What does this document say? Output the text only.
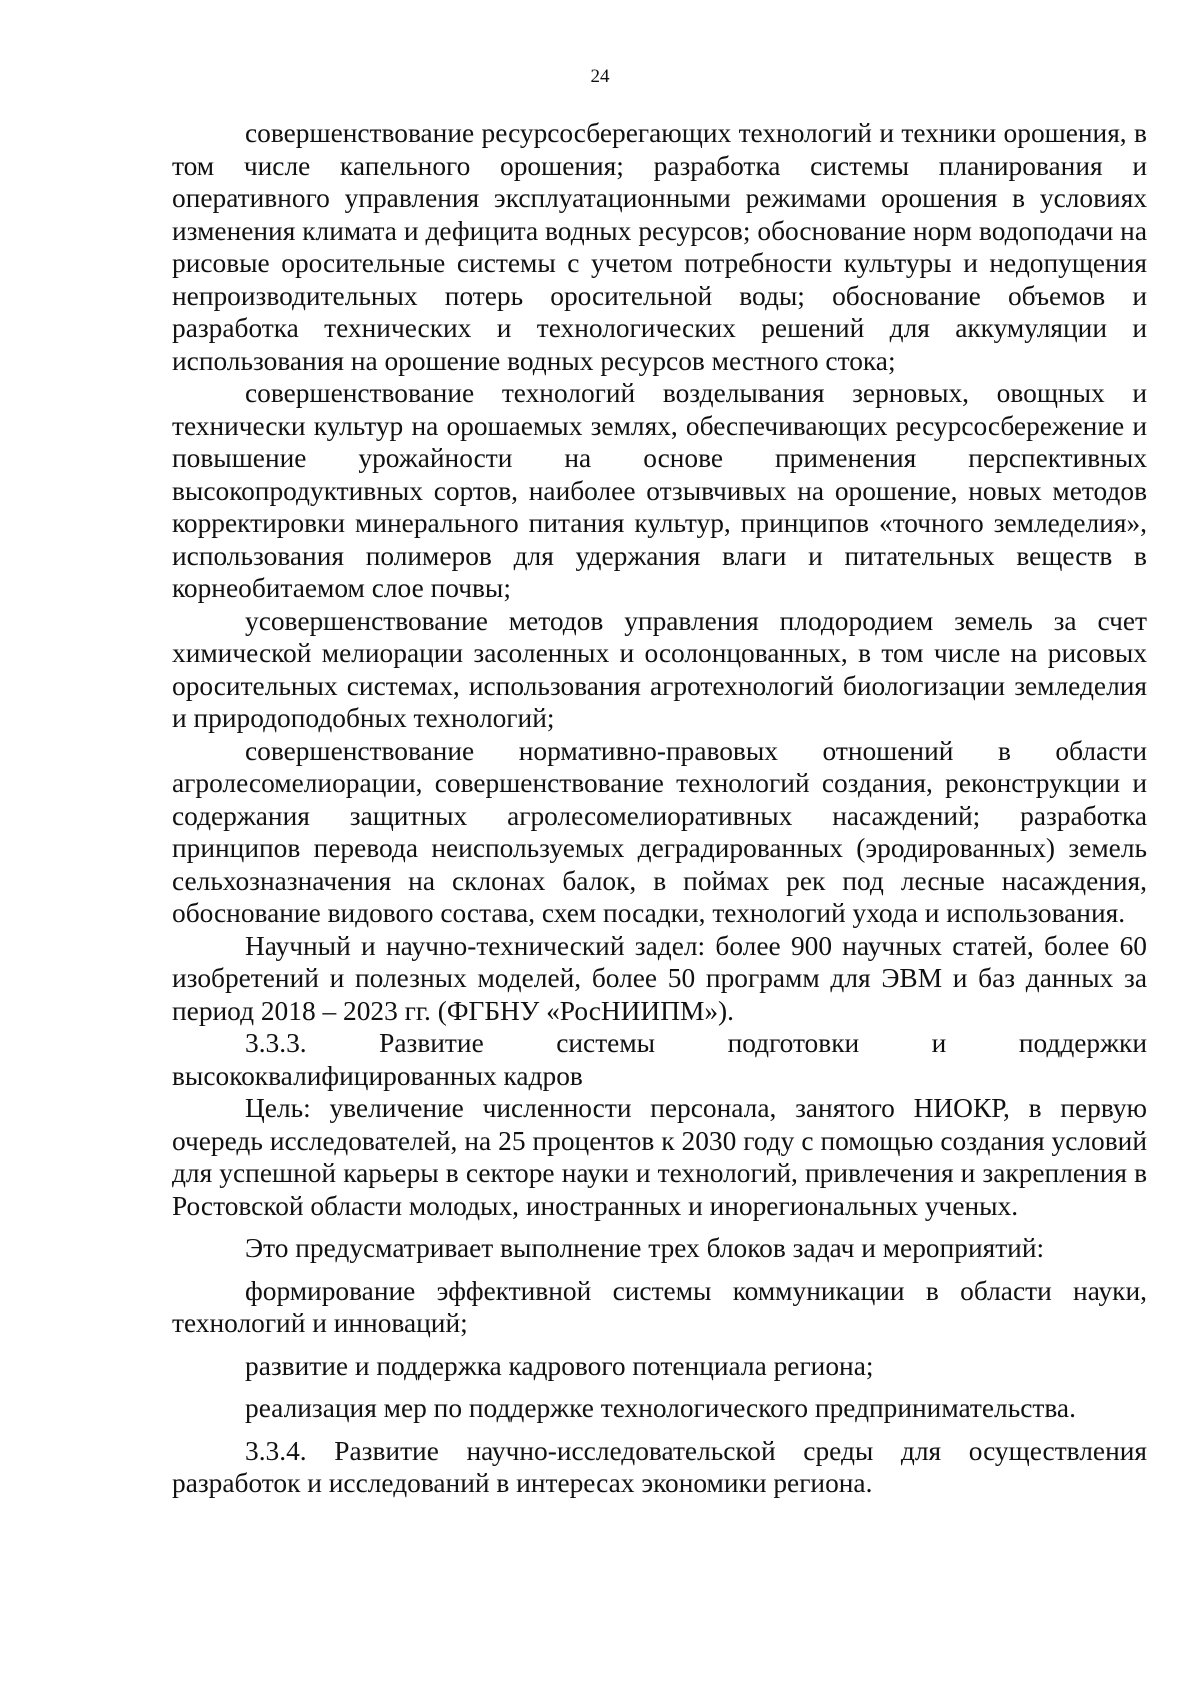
24

совершенствование ресурсосберегающих технологий и техники орошения, в том числе капельного орошения; разработка системы планирования и оперативного управления эксплуатационными режимами орошения в условиях изменения климата и дефицита водных ресурсов; обоснование норм водоподачи на рисовые оросительные системы с учетом потребности культуры и недопущения непроизводительных потерь оросительной воды; обоснование объемов и разработка технических и технологических решений для аккумуляции и использования на орошение водных ресурсов местного стока;

совершенствование технологий возделывания зерновых, овощных и технически культур на орошаемых землях, обеспечивающих ресурсосбережение и повышение урожайности на основе применения перспективных высокопродуктивных сортов, наиболее отзывчивых на орошение, новых методов корректировки минерального питания культур, принципов «точного земледелия», использования полимеров для удержания влаги и питательных веществ в корнеобитаемом слое почвы;

усовершенствование методов управления плодородием земель за счет химической мелиорации засоленных и осолонцованных, в том числе на рисовых оросительных системах, использования агротехнологий биологизации земледелия и природоподобных технологий;

совершенствование нормативно-правовых отношений в области агролесомелиорации, совершенствование технологий создания, реконструкции и содержания защитных агролесомелиоративных насаждений; разработка принципов перевода неиспользуемых деградированных (эродированных) земель сельхозназначения на склонах балок, в поймах рек под лесные насаждения, обоснование видового состава, схем посадки, технологий ухода и использования.

Научный и научно-технический задел: более 900 научных статей, более 60 изобретений и полезных моделей, более 50 программ для ЭВМ и баз данных за период 2018 – 2023 гг. (ФГБНУ «РосНИИПМ»).

3.3.3. Развитие системы подготовки и поддержки высококвалифицированных кадров

Цель: увеличение численности персонала, занятого НИОКР, в первую очередь исследователей, на 25 процентов к 2030 году с помощью создания условий для успешной карьеры в секторе науки и технологий, привлечения и закрепления в Ростовской области молодых, иностранных и инорегиональных ученых.

Это предусматривает выполнение трех блоков задач и мероприятий:

формирование эффективной системы коммуникации в области науки, технологий и инноваций;

развитие и поддержка кадрового потенциала региона;

реализация мер по поддержке технологического предпринимательства.

3.3.4. Развитие научно-исследовательской среды для осуществления разработок и исследований в интересах экономики региона.
